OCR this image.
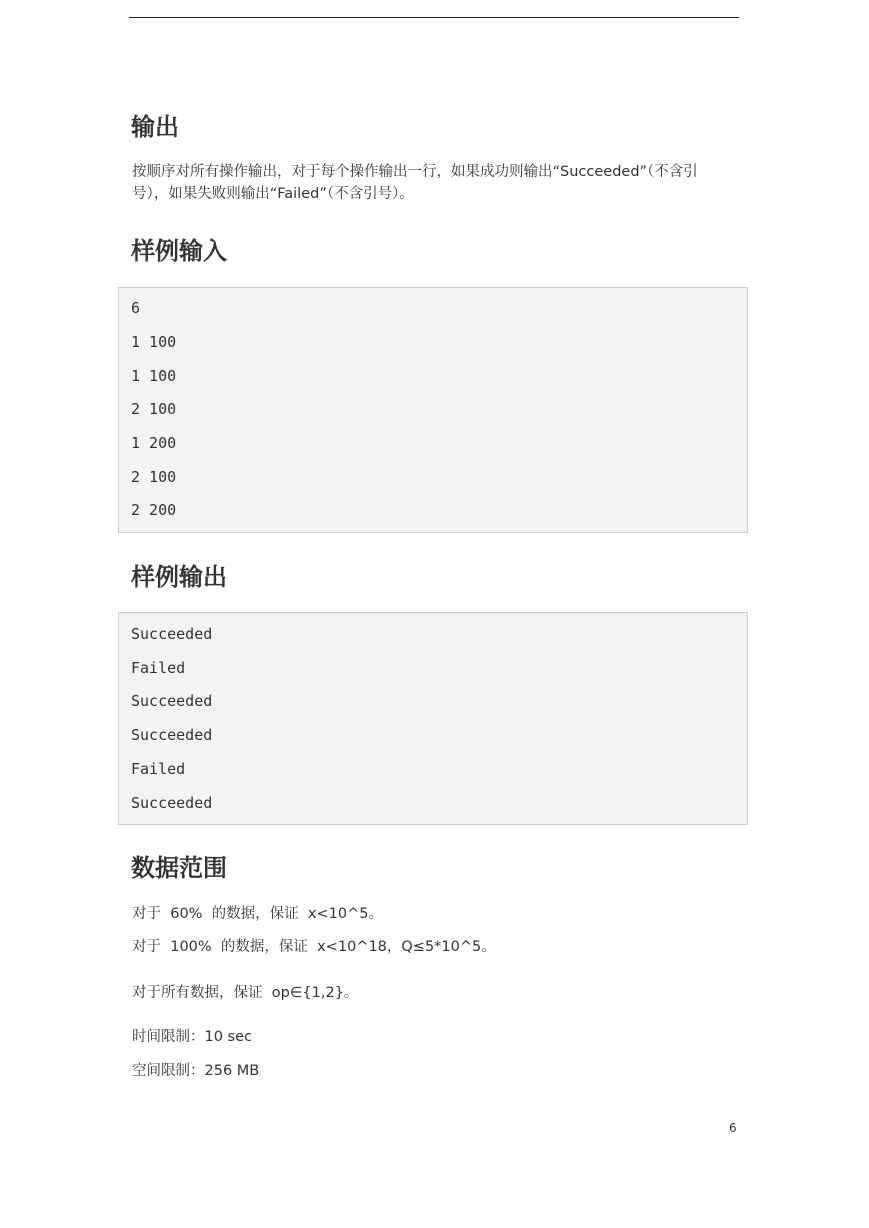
输出

按顺序对所有操作输出，对于每个操作输出一行，如果成功则输出“Succeeded”（不含引

号），如果失败则输出“Failed”（不含引号）。

样例输入
6
1 100
1 100
2 100
1 200
2 100
2 200
样例输出
Succeeded
Failed
Succeeded
Succeeded
Failed
Succeeded
数据范围

对于  60%  的数据，保证  x<10^5。

对于  100%  的数据，保证  x<10^18，Q≤5*10^5。

对于所有数据，保证  op∈{1,2}。

时间限制：10 sec

空间限制：256 MB

6
